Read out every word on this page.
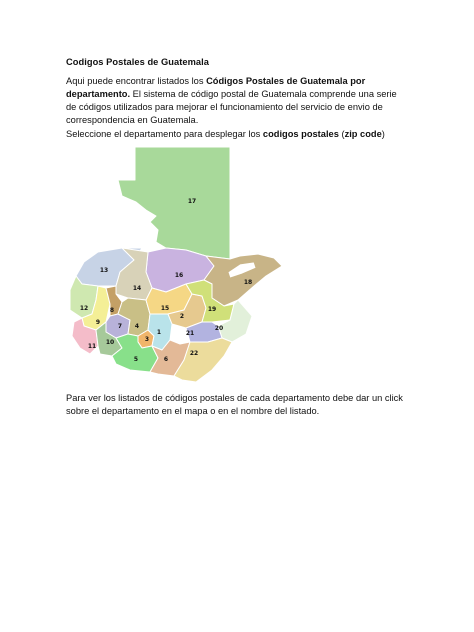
Codigos Postales de Guatemala
Aqui puede encontrar listados los Códigos Postales de Guatemala por departamento. El sistema de código postal de Guatemala comprende una serie de códigos utilizados para mejorar el funcionamiento del servicio de envio de correspondencia en Guatemala.
Seleccione el departamento para desplegar los codigos postales (zip code)
17
13
16
18
14
12
9
8
7 4
3
15
1
2
19
20
21
11
10
5	6
22
Para ver los listados de códigos postales de cada departamento debe dar un click sobre el departamento en el mapa o en el nombre del listado.
